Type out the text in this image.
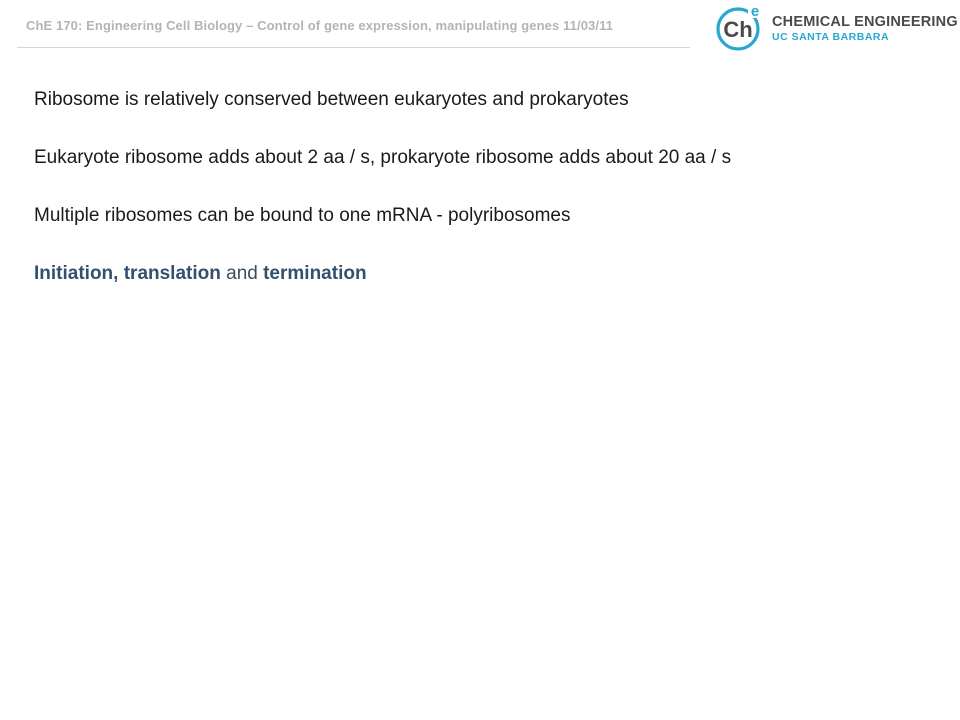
ChE 170: Engineering Cell Biology – Control of gene expression, manipulating genes 11/03/11	Ch
e
CHEMICAL ENGINEERING
UC SANTA BARBARA
Ribosome is relatively conserved between eukaryotes and prokaryotes
Eukaryote ribosome adds about 2 aa / s, prokaryote ribosome adds about 20 aa / s
Multiple ribosomes can be bound to one mRNA - polyribosomes
Initiation, translation and termination
